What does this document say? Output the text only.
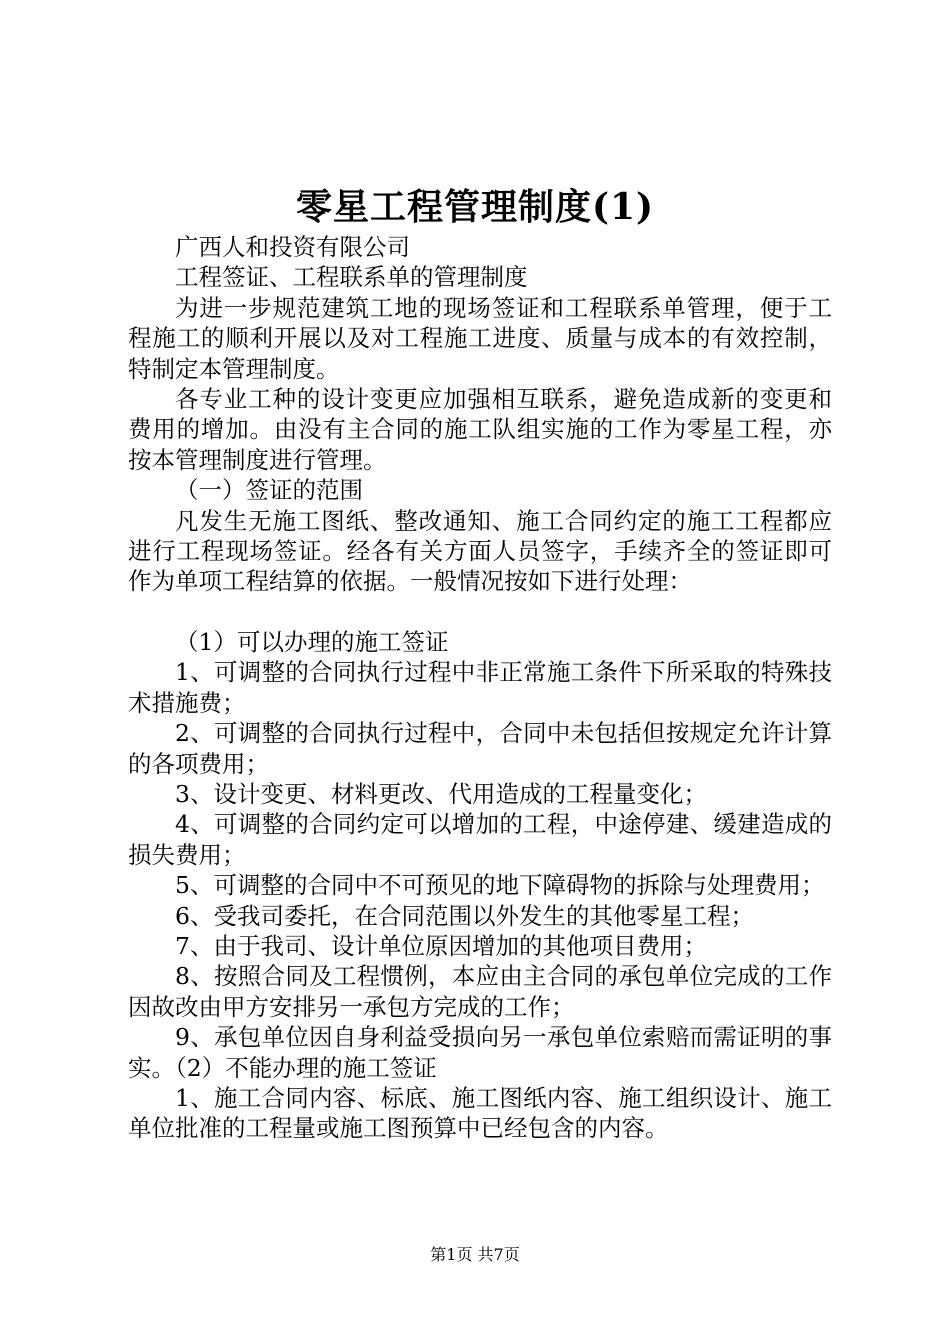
零星工程管理制度(1)

广西人和投资有限公司

工程签证、工程联系单的管理制度

为进一步规范建筑工地的现场签证和工程联系单管理，便于工程施工的顺利开展以及对工程施工进度、质量与成本的有效控制，特制定本管理制度。

各专业工种的设计变更应加强相互联系，避免造成新的变更和费用的增加。由没有主合同的施工队组实施的工作为零星工程，亦按本管理制度进行管理。

（一）签证的范围

凡发生无施工图纸、整改通知、施工合同约定的施工工程都应进行工程现场签证。经各有关方面人员签字，手续齐全的签证即可作为单项工程结算的依据。一般情况按如下进行处理：

（1）可以办理的施工签证

1、可调整的合同执行过程中非正常施工条件下所采取的特殊技术措施费；

2、可调整的合同执行过程中，合同中未包括但按规定允许计算的各项费用；

3、设计变更、材料更改、代用造成的工程量变化；

4、可调整的合同约定可以增加的工程，中途停建、缓建造成的损失费用；

5、可调整的合同中不可预见的地下障碍物的拆除与处理费用；

6、受我司委托，在合同范围以外发生的其他零星工程；

7、由于我司、设计单位原因增加的其他项目费用；

8、按照合同及工程惯例，本应由主合同的承包单位完成的工作因故改由甲方安排另一承包方完成的工作；

9、承包单位因自身利益受损向另一承包单位索赔而需证明的事实。（2）不能办理的施工签证

1、施工合同内容、标底、施工图纸内容、施工组织设计、施工单位批准的工程量或施工图预算中已经包含的内容。

第1页 共7页
